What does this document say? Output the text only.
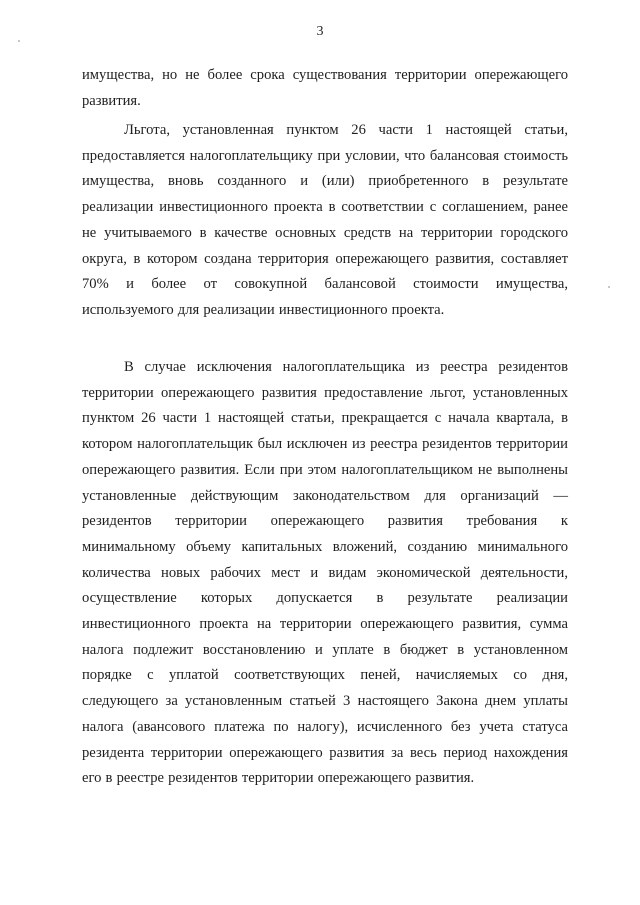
3

имущества, но не более срока существования территории опережающего развития.

Льгота, установленная пунктом 26 части 1 настоящей статьи, предоставляется налогоплательщику при условии, что балансовая стоимость имущества, вновь созданного и (или) приобретенного в результате реализации инвестиционного проекта в соответствии с соглашением, ранее не учитываемого в качестве основных средств на территории городского округа, в котором создана территория опережающего развития, составляет 70% и более от совокупной балансовой стоимости имущества, используемого для реализации инвестиционного проекта.

В случае исключения налогоплательщика из реестра резидентов территории опережающего развития предоставление льгот, установленных пунктом 26 части 1 настоящей статьи, прекращается с начала квартала, в котором налогоплательщик был исключен из реестра резидентов территории опережающего развития. Если при этом налогоплательщиком не выполнены установленные действующим законодательством для организаций — резидентов территории опережающего развития требования к минимальному объему капитальных вложений, созданию минимального количества новых рабочих мест и видам экономической деятельности, осуществление которых допускается в результате реализации инвестиционного проекта на территории опережающего развития, сумма налога подлежит восстановлению и уплате в бюджет в установленном порядке с уплатой соответствующих пеней, начисляемых со дня, следующего за установленным статьей 3 настоящего Закона днем уплаты налога (авансового платежа по налогу), исчисленного без учета статуса резидента территории опережающего развития за весь период нахождения его в реестре резидентов территории опережающего развития.
